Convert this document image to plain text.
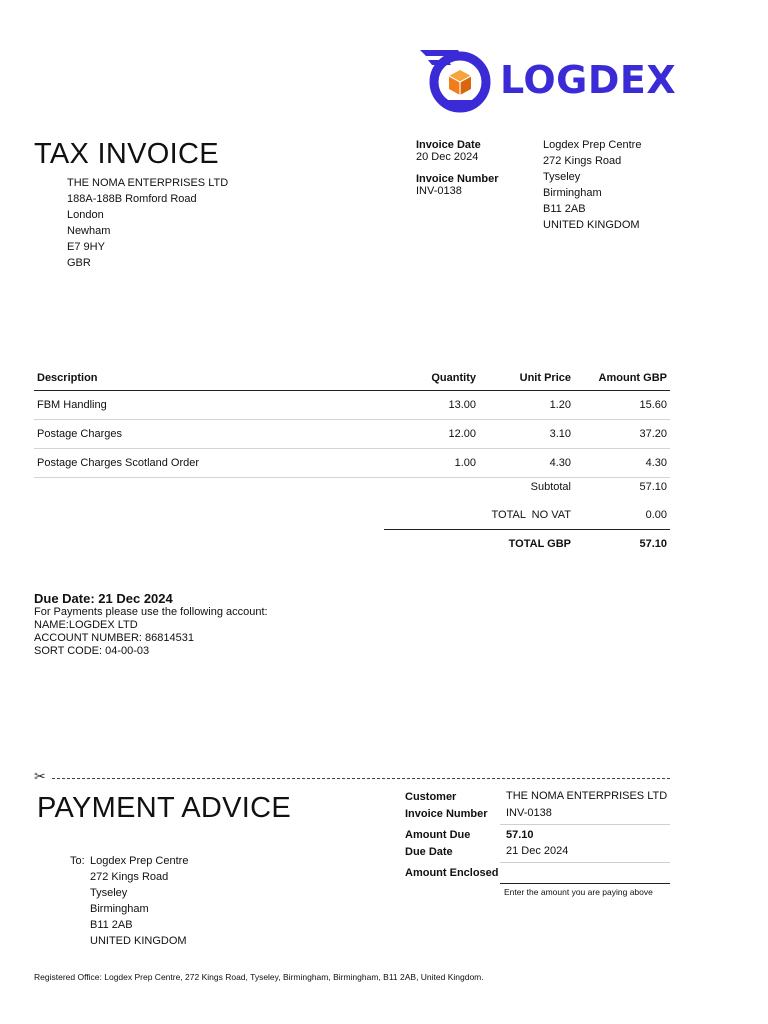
LOGDEX
TAX INVOICE
THE NOMA ENTERPRISES LTD
188A-188B Romford Road
London
Newham
E7 9HY
GBR
Invoice Date
20 Dec 2024
Invoice Number
INV-0138
Logdex Prep Centre
272 Kings Road
Tyseley
Birmingham
B11 2AB
UNITED KINGDOM
Description	Quantity	Unit Price	Amount GBP
FBM Handling	13.00	1.20	15.60
Postage Charges	12.00	3.10	37.20
Postage Charges Scotland Order	1.00	4.30	4.30
Subtotal	57.10
TOTAL  NO VAT	0.00
TOTAL GBP	57.10
Due Date: 21 Dec 2024
For Payments please use the following account:
NAME:LOGDEX LTD
ACCOUNT NUMBER: 86814531
SORT CODE: 04-00-03
✂
PAYMENT ADVICE
To: Logdex Prep Centre
272 Kings Road
Tyseley
Birmingham
B11 2AB
UNITED KINGDOM
Customer	THE NOMA ENTERPRISES LTD
Invoice Number INV-0138
Amount Due	57.10
Due Date	21 Dec 2024
Amount Enclosed
Enter the amount you are paying above
Registered Office: Logdex Prep Centre, 272 Kings Road, Tyseley, Birmingham, Birmingham, B11 2AB, United Kingdom.
